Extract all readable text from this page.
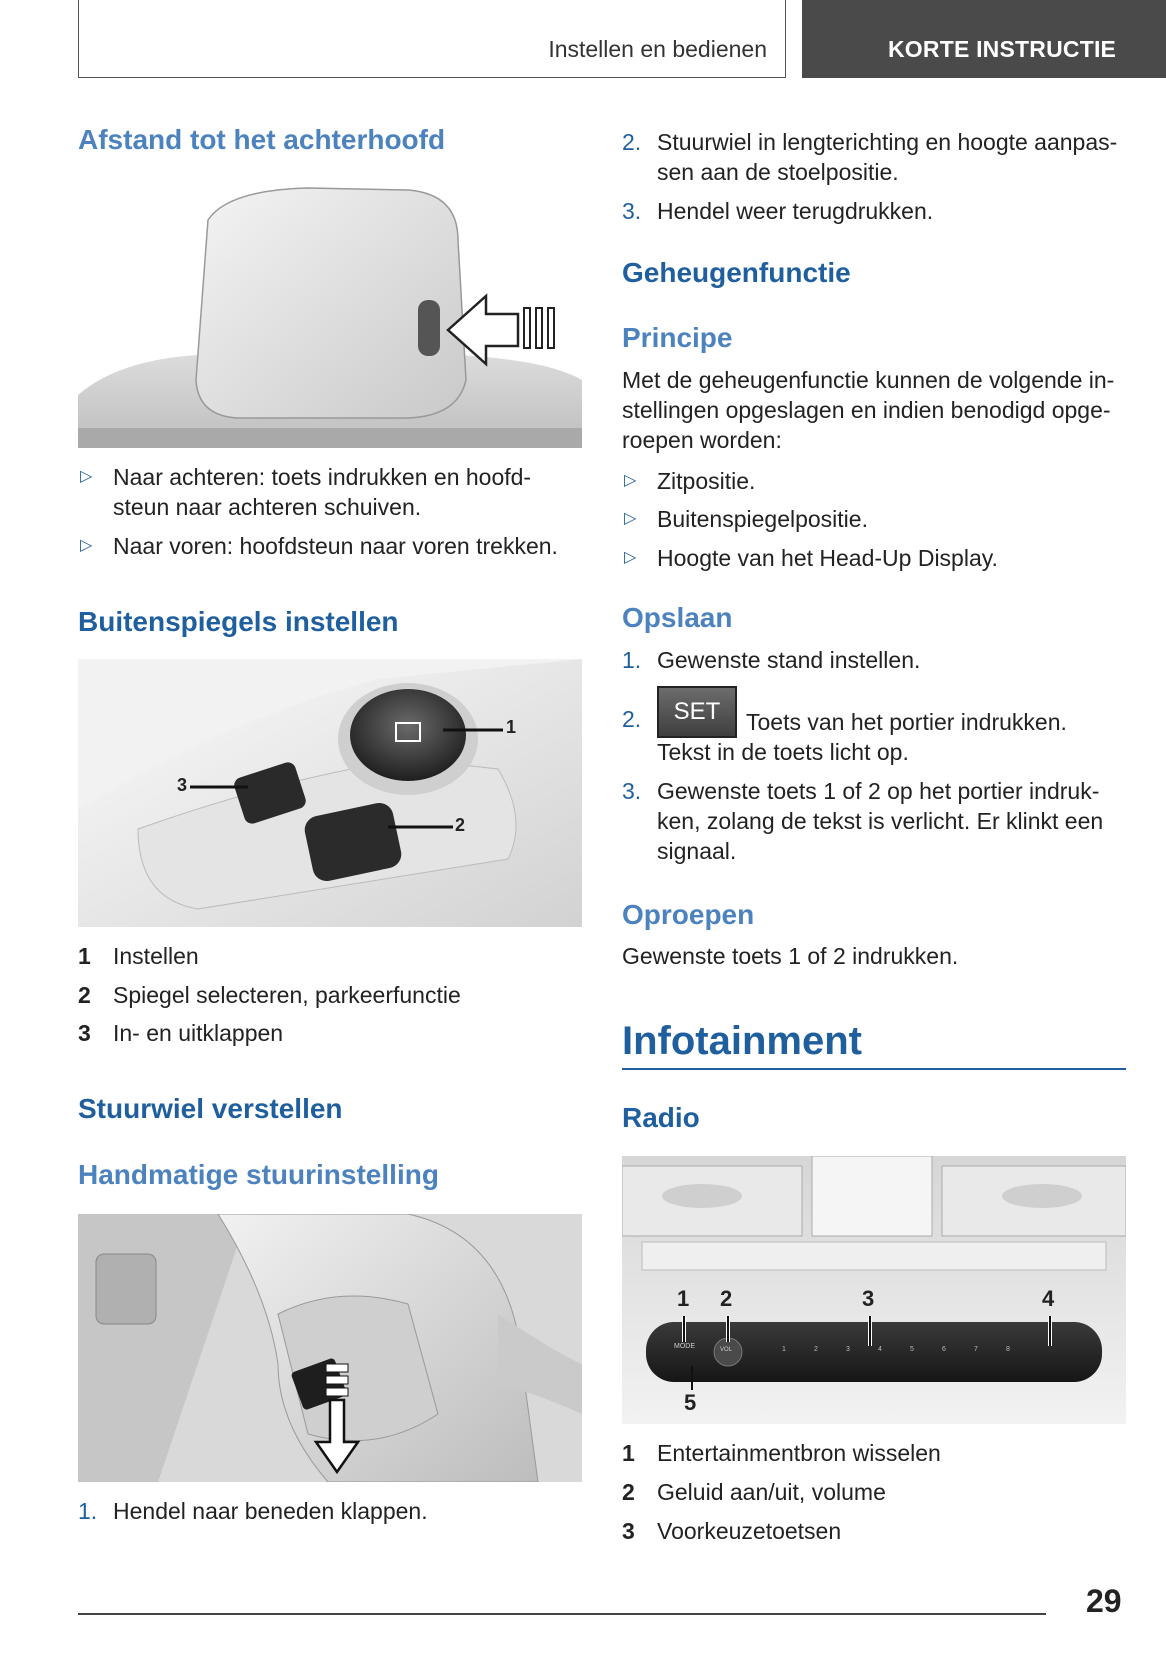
Instellen en bedienen	KORTE INSTRUCTIE
Afstand tot het achterhoofd
▷ Naar achteren: toets indrukken en hoofd-
steun naar achteren schuiven.
▷ Naar voren: hoofdsteun naar voren trekken.
Buitenspiegels instellen
1
2
3
1 Instellen
2 Spiegel selecteren, parkeerfunctie
3 In- en uitklappen
Stuurwiel verstellen
Handmatige stuurinstelling
1. Hendel naar beneden klappen.
2. Stuurwiel in lengterichting en hoogte aanpas-
sen aan de stoelpositie.
3. Hendel weer terugdrukken.
Geheugenfunctie
Principe
Met de geheugenfunctie kunnen de volgende in-
stellingen opgeslagen en indien benodigd opge-
roepen worden:
▷ Zitpositie.
▷ Buitenspiegelpositie.
▷ Hoogte van het Head-Up Display.
Opslaan
1. Gewenste stand instellen.
2.	SET	Toets van het portier indrukken.
Tekst in de toets licht op.
3. Gewenste toets 1 of 2 op het portier indruk-
ken, zolang de tekst is verlicht. Er klinkt een
signaal.
Oproepen
Gewenste toets 1 of 2 indrukken.
Infotainment
Radio
1 2	3	4
5
MODE	VOL	1	2	3	4	5	6	7	8
1 Entertainmentbron wisselen
2 Geluid aan/uit, volume
3 Voorkeuzetoetsen
29
